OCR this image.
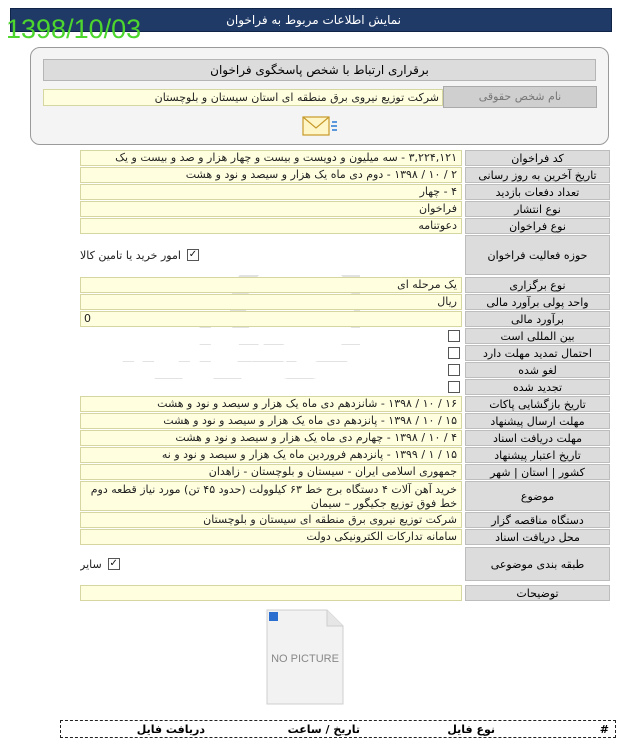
نمایش اطلاعات مربوط به فراخوان
1398/10/03
برقراری ارتباط با شخص پاسخگوی فراخوان
نام شخص حقوقی
شرکت توزیع نیروی برق منطقه ای استان سیستان و بلوچستان
کد فراخوان
۳,۲۲۴,۱۲۱ - سه میلیون و دویست و بیست و چهار هزار و صد و بیست و یک
تاریخ آخرین به روز رسانی
۲ / ۱۰ / ۱۳۹۸ - دوم دی ماه یک هزار و سیصد و نود و هشت
تعداد دفعات بازدید
۴ - چهار
نوع انتشار
فراخوان
نوع فراخوان
دعوتنامه
حوزه فعالیت فراخوان
✓
امور خرید یا تامین کالا
نوع برگزاری
یک مرحله ای
واحد پولی برآورد مالی
ریال
برآورد مالی
0
بین المللی است
احتمال تمدید مهلت دارد
لغو شده
تجدید شده
تاریخ بازگشایی پاکات
۱۶ / ۱۰ / ۱۳۹۸ - شانزدهم دی ماه یک هزار و سیصد و نود و هشت
مهلت ارسال پیشنهاد
۱۵ / ۱۰ / ۱۳۹۸ - پانزدهم دی ماه یک هزار و سیصد و نود و هشت
مهلت دریافت اسناد
۴ / ۱۰ / ۱۳۹۸ - چهارم دی ماه یک هزار و سیصد و نود و هشت
تاریخ اعتبار پیشنهاد
۱۵ / ۱ / ۱۳۹۹ - پانزدهم فروردین ماه یک هزار و سیصد و نود و نه
کشور | استان | شهر
جمهوری اسلامی ایران - سیستان و بلوچستان - زاهدان
موضوع
خرید آهن آلات ۴ دستگاه برج خط ۶۳ کیلوولت (حدود ۴۵ تن) مورد نیاز قطعه دوم خط فوق توزیع جکیگور – سیمان
دستگاه مناقصه گزار
شرکت توزیع نیروی برق منطقه ای سیستان و بلوچستان
محل دریافت اسناد
سامانه تدارکات الکترونیکی دولت
طبقه بندی موضوعی
✓
سایر
توضیحات
NO PICTURE
#
نوع فایل
تاریخ / ساعت
دریافت فایل
